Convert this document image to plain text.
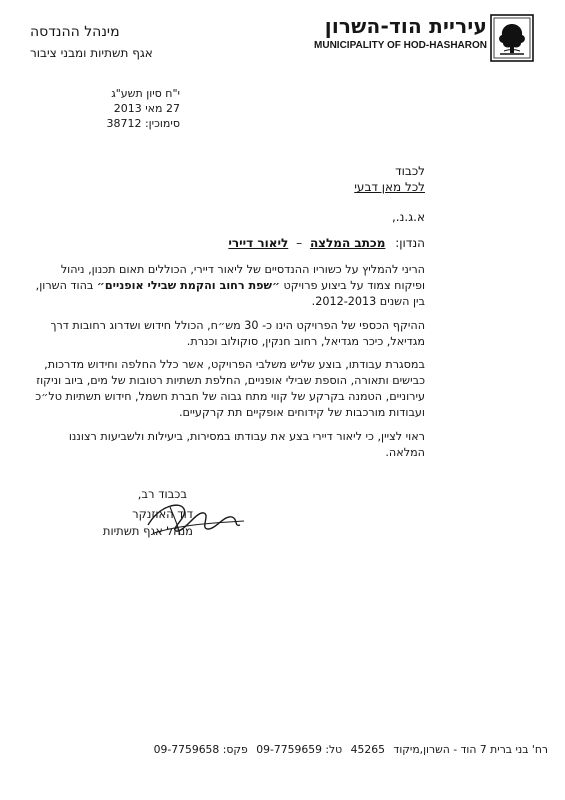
עיריית הוד-השרון
MUNICIPALITY OF HOD-HASHARON
מינהל ההנדסה
אגף תשתיות ומבני ציבור
י"ח סיון תשע"ג
27 מאי 2013
סימוכין: 38712
לכבוד
לכל מאן דבעי
א.ג.נ.,
הנדון: מכתב המלצה – ליאור דיירי
הריני להמליץ על כשוריו ההנדסיים של ליאור דיירי, הכוללים תאום תכנון, ניהול ופיקוח צמוד על ביצוע פרויקט ״שפת רחוב והקמת שבילי אופניים״ בהוד השרון, בין השנים 2012-2013.
ההיקף הכספי של הפרויקט הינו כ- 30 מש״ח, הכולל חידוש ושדרוג רחובות דרך מגדיאל, כיכר מגדיאל, רחוב חנקין, סוקולוב וכנרת.
במסגרת עבודתו, בוצע שליש משלבי הפרויקט, אשר כלל החלפה וחידוש מדרכות, כבישים ותאורה, הוספת שבילי אופניים, החלפת תשתיות רטובות של מים, ביוב וניקוז עירוניים, הטמנה בקרקע של קווי מתח גבוה של חברת חשמל, חידוש תשתיות טל״כ ועבודות מורכבות של קידוחים אופקיים תת קרקעיים.
ראוי לציין, כי ליאור דיירי בצע את עבודתו במסירות, ביעילות ולשביעות רצוננו המלאה.
בכבוד רב,
דוד האוזנקר
מנהל אגף תשתיות
רח' בני ברית 7 הוד - השרון,מיקוד 45265 טל: 09-7759659 פקס: 09-7759658
